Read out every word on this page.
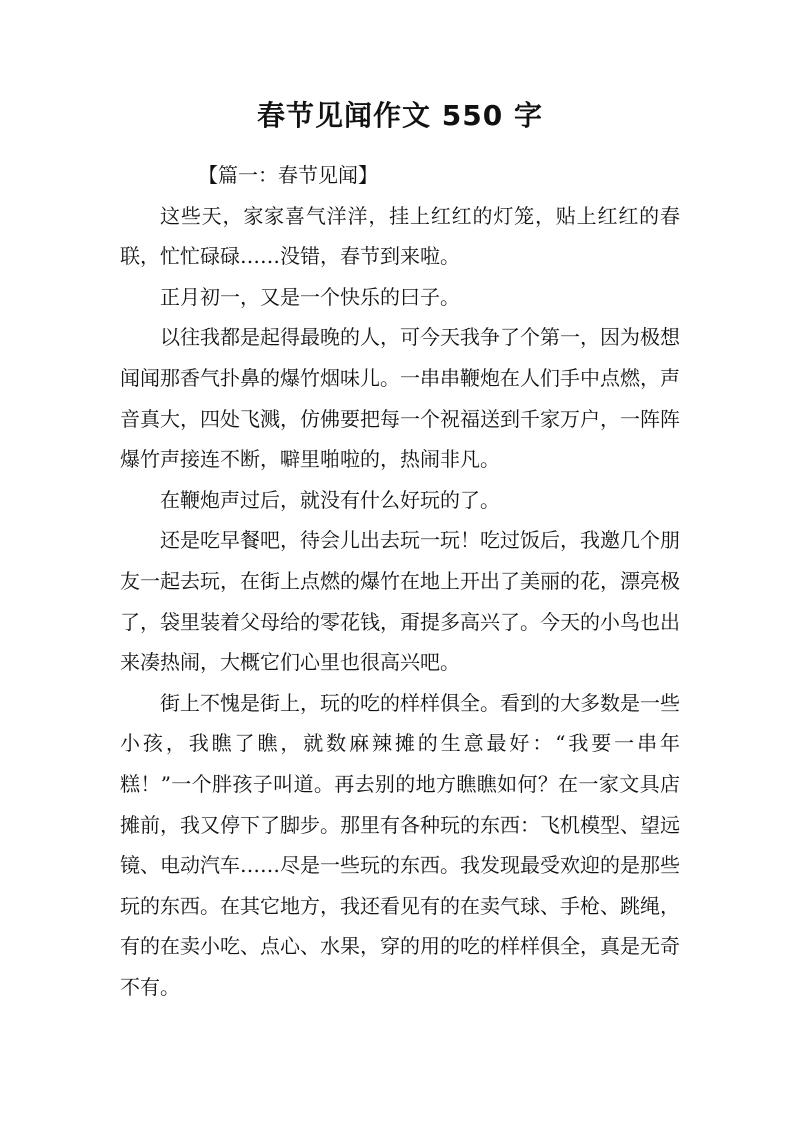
春节见闻作文 550 字

【篇一：春节见闻】

这些天，家家喜气洋洋，挂上红红的灯笼，贴上红红的春联，忙忙碌碌……没错，春节到来啦。

正月初一，又是一个快乐的曰子。

以往我都是起得最晚的人，可今天我争了个第一，因为极想闻闻那香气扑鼻的爆竹烟味儿。一串串鞭炮在人们手中点燃，声音真大，四处飞溅，仿佛要把每一个祝福送到千家万户，一阵阵爆竹声接连不断，噼里啪啦的，热闹非凡。

在鞭炮声过后，就没有什么好玩的了。

还是吃早餐吧，待会儿出去玩一玩！吃过饭后，我邀几个朋友一起去玩，在街上点燃的爆竹在地上开出了美丽的花，漂亮极了，袋里装着父母给的零花钱，甭提多高兴了。今天的小鸟也出来凑热闹，大概它们心里也很高兴吧。

街上不愧是街上，玩的吃的样样俱全。看到的大多数是一些小孩，我瞧了瞧，就数麻辣摊的生意最好：“我要一串年糕！”一个胖孩子叫道。再去别的地方瞧瞧如何？在一家文具店摊前，我又停下了脚步。那里有各种玩的东西：飞机模型、望远镜、电动汽车……尽是一些玩的东西。我发现最受欢迎的是那些玩的东西。在其它地方，我还看见有的在卖气球、手枪、跳绳，有的在卖小吃、点心、水果，穿的用的吃的样样俱全，真是无奇不有。
